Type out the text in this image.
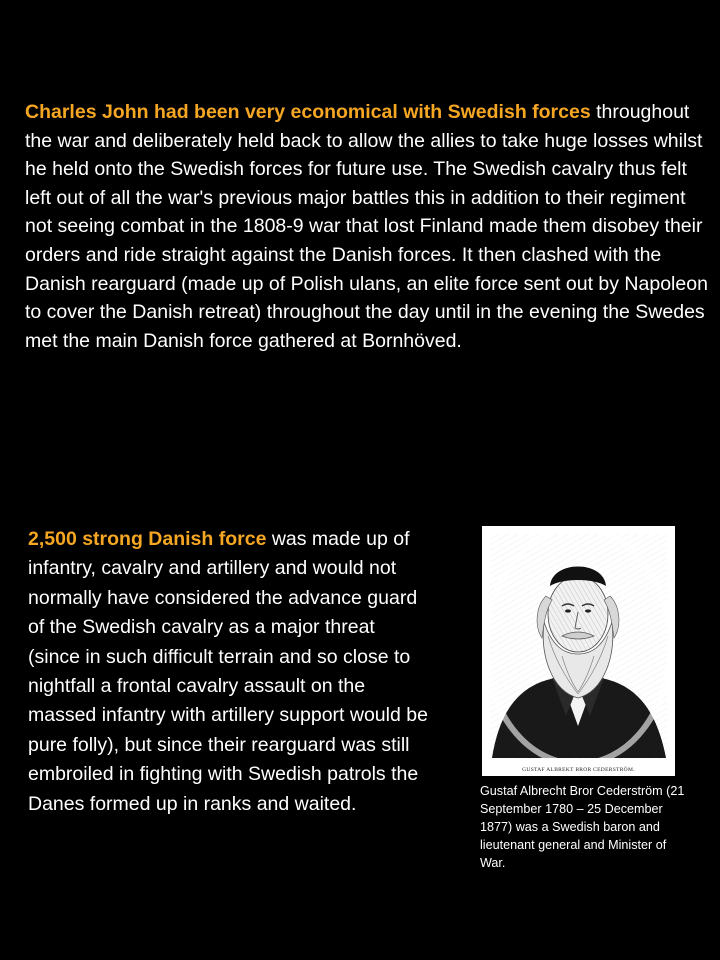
Charles John had been very economical with Swedish forces throughout the war and deliberately held back to allow the allies to take huge losses whilst he held onto the Swedish forces for future use. The Swedish cavalry thus felt left out of all the war's previous major battles this in addition to their regiment not seeing combat in the 1808-9 war that lost Finland made them disobey their orders and ride straight against the Danish forces. It then clashed with the Danish rearguard (made up of Polish ulans, an elite force sent out by Napoleon to cover the Danish retreat) throughout the day until in the evening the Swedes met the main Danish force gathered at Bornhöved.

2,500 strong Danish force was made up of infantry, cavalry and artillery and would not normally have considered the advance guard of the Swedish cavalry as a major threat (since in such difficult terrain and so close to nightfall a frontal cavalry assault on the massed infantry with artillery support would be pure folly), but since their rearguard was still embroiled in fighting with Swedish patrols the Danes formed up in ranks and waited.

GUSTAF ALBREKT BROR CEDERSTRÖM.

Gustaf Albrecht Bror Cederström (21 September 1780 – 25 December 1877) was a Swedish baron and lieutenant general and Minister of War.
